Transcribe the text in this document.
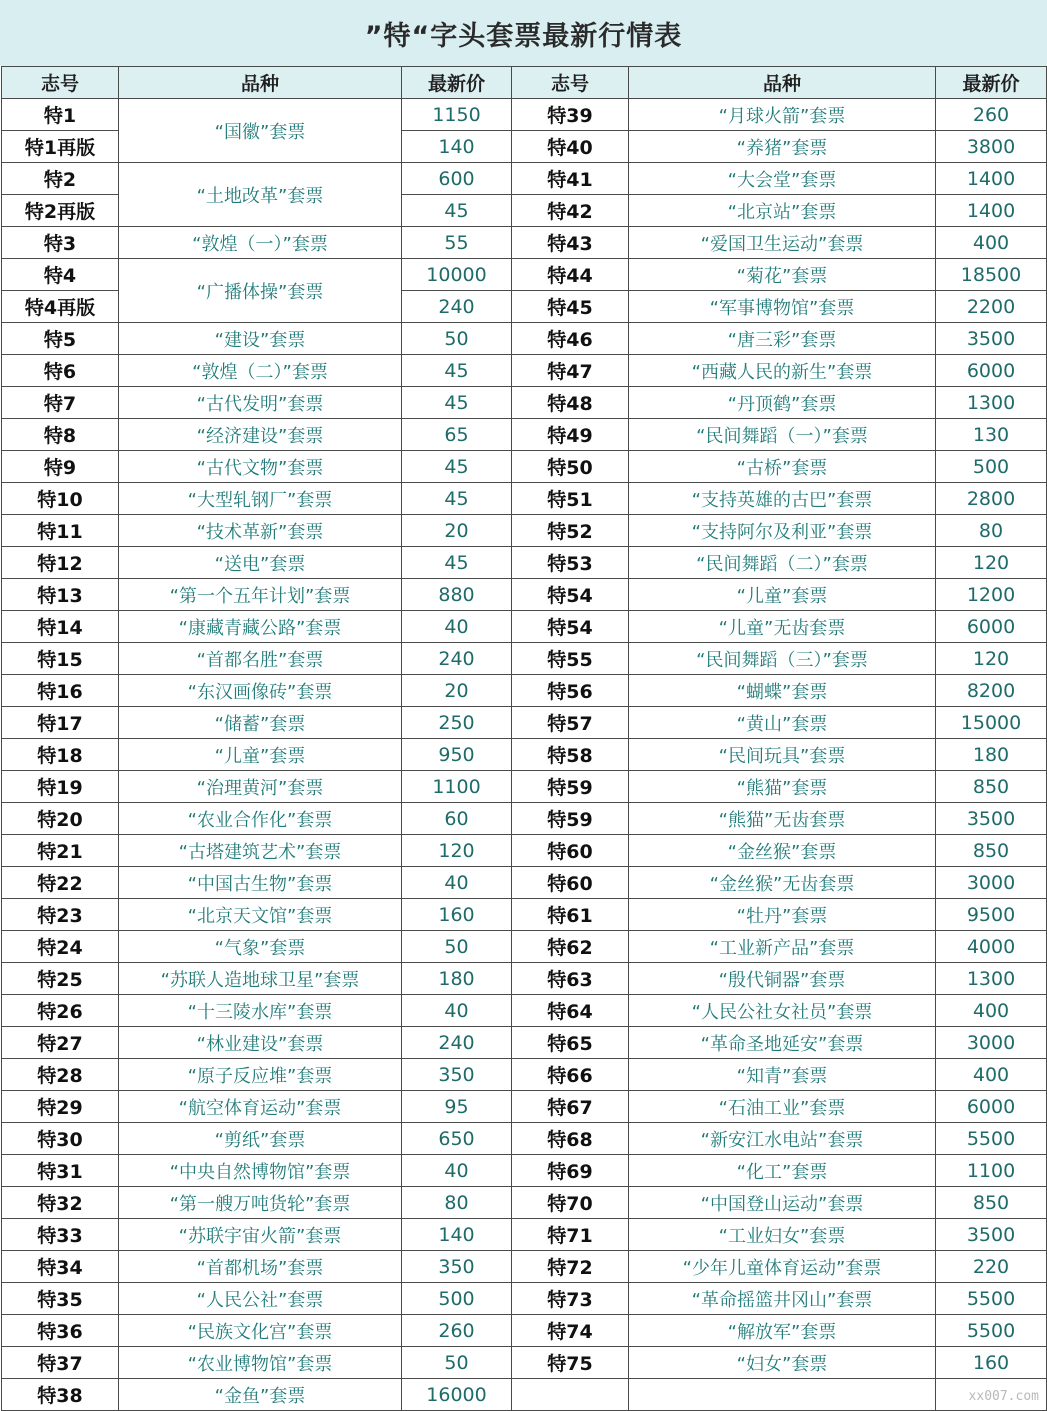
”特“字头套票最新行情表
志号	品种	最新价	志号	品种	最新价
特1	“国徽”套票	1150	特39	“月球火箭”套票	260
特1再版		140	特40	“养猪”套票	3800
特2	“土地改革”套票	600	特41	“大会堂”套票	1400
特2再版		45	特42	“北京站”套票	1400
特3	“敦煌（一）”套票	55	特43	“爱国卫生运动”套票	400
特4	“广播体操”套票	10000	特44	“菊花”套票	18500
特4再版		240	特45	“军事博物馆”套票	2200
特5	“建设”套票	50	特46	“唐三彩”套票	3500
特6	“敦煌（二）”套票	45	特47	“西藏人民的新生”套票	6000
特7	“古代发明”套票	45	特48	“丹顶鹤”套票	1300
特8	“经济建设”套票	65	特49	“民间舞蹈（一）”套票	130
特9	“古代文物”套票	45	特50	“古桥”套票	500
特10	“大型轧钢厂”套票	45	特51	“支持英雄的古巴”套票	2800
特11	“技术革新”套票	20	特52	“支持阿尔及利亚”套票	80
特12	“送电”套票	45	特53	“民间舞蹈（二）”套票	120
特13	“第一个五年计划”套票	880	特54	“儿童”套票	1200
特14	“康藏青藏公路”套票	40	特54	“儿童”无齿套票	6000
特15	“首都名胜”套票	240	特55	“民间舞蹈（三）”套票	120
特16	“东汉画像砖”套票	20	特56	“蝴蝶”套票	8200
特17	“储蓄”套票	250	特57	“黄山”套票	15000
特18	“儿童”套票	950	特58	“民间玩具”套票	180
特19	“治理黄河”套票	1100	特59	“熊猫”套票	850
特20	“农业合作化”套票	60	特59	“熊猫”无齿套票	3500
特21	“古塔建筑艺术”套票	120	特60	“金丝猴”套票	850
特22	“中国古生物”套票	40	特60	“金丝猴”无齿套票	3000
特23	“北京天文馆”套票	160	特61	“牡丹”套票	9500
特24	“气象”套票	50	特62	“工业新产品”套票	4000
特25	“苏联人造地球卫星”套票	180	特63	“殷代铜器”套票	1300
特26	“十三陵水库”套票	40	特64	“人民公社女社员”套票	400
特27	“林业建设”套票	240	特65	“革命圣地延安”套票	3000
特28	“原子反应堆”套票	350	特66	“知青”套票	400
特29	“航空体育运动”套票	95	特67	“石油工业”套票	6000
特30	“剪纸”套票	650	特68	“新安江水电站”套票	5500
特31	“中央自然博物馆”套票	40	特69	“化工”套票	1100
特32	“第一艘万吨货轮”套票	80	特70	“中国登山运动”套票	850
特33	“苏联宇宙火箭”套票	140	特71	“工业妇女”套票	3500
特34	“首都机场”套票	350	特72	“少年儿童体育运动”套票	220
特35	“人民公社”套票	500	特73	“革命摇篮井冈山”套票	5500
特36	“民族文化宫”套票	260	特74	“解放军”套票	5500
特37	“农业博物馆”套票	50	特75	“妇女”套票	160
特38	“金鱼”套票	16000				xx007.com
